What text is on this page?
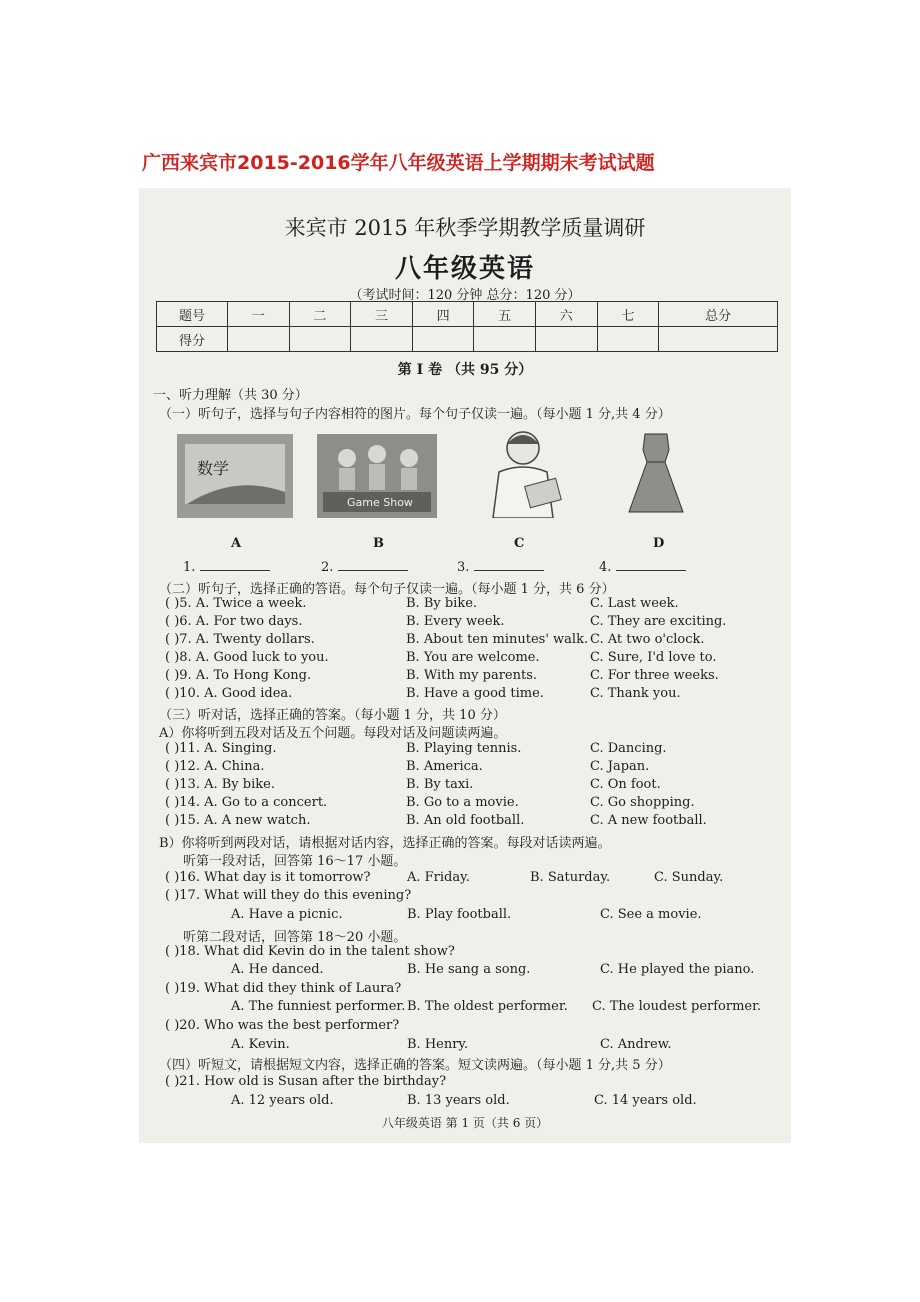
广西来宾市2015-2016学年八年级英语上学期期末考试试题
来宾市 2015 年秋季学期教学质量调研
八年级英语
（考试时间：120 分钟 总分：120 分）
题号	一	二	三	四	五	六	七	总分
得分								
第 I 卷 （共 95 分）
一、听力理解（共 30 分）
（一）听句子，选择与句子内容相符的图片。每个句子仅读一遍。（每小题 1 分,共 4 分）
数学
Game Show
A	B	C	D
1.	2.	3.	4.
（二）听句子，选择正确的答语。每个句子仅读一遍。（每小题 1 分，共 6 分）
( )5. A. Twice a week.	B. By bike.	C. Last week.
( )6. A. For two days.	B. Every week.	C. They are exciting.
( )7. A. Twenty dollars.	B. About ten minutes' walk. C. At two o'clock.
( )8. A. Good luck to you.	B. You are welcome.	C. Sure, I'd love to.
( )9. A. To Hong Kong.	B. With my parents.	C. For three weeks.
( )10. A. Good idea.	B. Have a good time.	C. Thank you.
（三）听对话，选择正确的答案。（每小题 1 分，共 10 分）
A）你将听到五段对话及五个问题。每段对话及问题读两遍。
( )11. A. Singing.	B. Playing tennis.	C. Dancing.
( )12. A. China.	B. America.	C. Japan.
( )13. A. By bike.	B. By taxi.	C. On foot.
( )14. A. Go to a concert.	B. Go to a movie.	C. Go shopping.
( )15. A. A new watch.	B. An old football.	C. A new football.
B）你将听到两段对话，请根据对话内容，选择正确的答案。每段对话读两遍。
听第一段对话，回答第 16～17 小题。
( )16. What day is it tomorrow?	A. Friday.	B. Saturday.	C. Sunday.
( )17. What will they do this evening?
A. Have a picnic.	B. Play football.	C. See a movie.
听第二段对话，回答第 18～20 小题。
( )18. What did Kevin do in the talent show?
A. He danced.	B. He sang a song.	C. He played the piano.
( )19. What did they think of Laura?
A. The funniest performer. B. The oldest performer. C. The loudest performer.
( )20. Who was the best performer?
A. Kevin.	B. Henry.	C. Andrew.
（四）听短文，请根据短文内容，选择正确的答案。短文读两遍。（每小题 1 分,共 5 分）
( )21. How old is Susan after the birthday?
A. 12 years old.	B. 13 years old.	C. 14 years old.
八年级英语 第 1 页（共 6 页）
